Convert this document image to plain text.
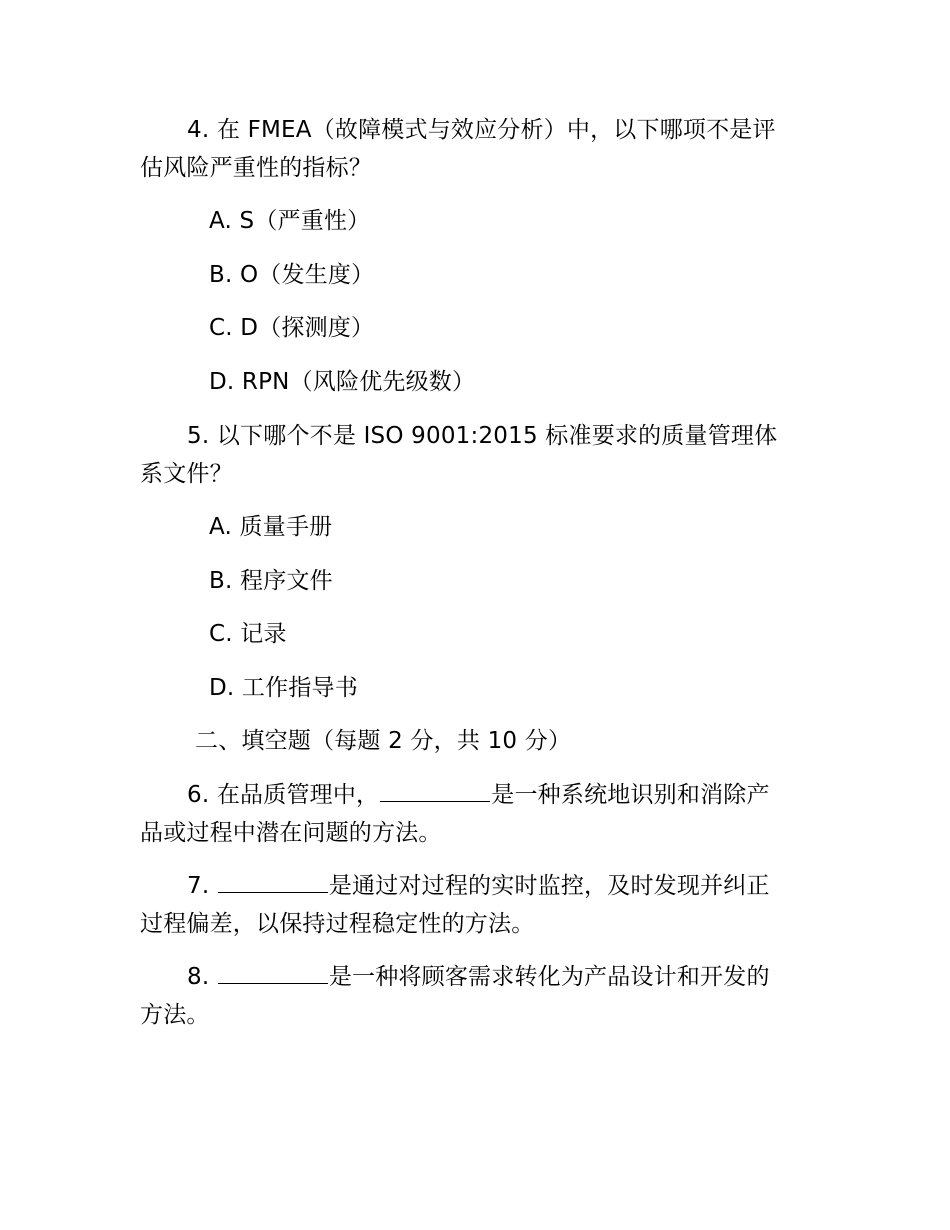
4. 在 FMEA（故障模式与效应分析）中，以下哪项不是评
估风险严重性的指标？
A. S（严重性）
B. O（发生度）
C. D（探测度）
D. RPN（风险优先级数）
5. 以下哪个不是 ISO 9001:2015 标准要求的质量管理体
系文件？
A. 质量手册
B. 程序文件
C. 记录
D. 工作指导书
二、填空题（每题 2 分，共 10 分）
6. 在品质管理中，	是一种系统地识别和消除产
品或过程中潜在问题的方法。
7.	是通过对过程的实时监控，及时发现并纠正
过程偏差，以保持过程稳定性的方法。
8.	是一种将顾客需求转化为产品设计和开发的
方法。
